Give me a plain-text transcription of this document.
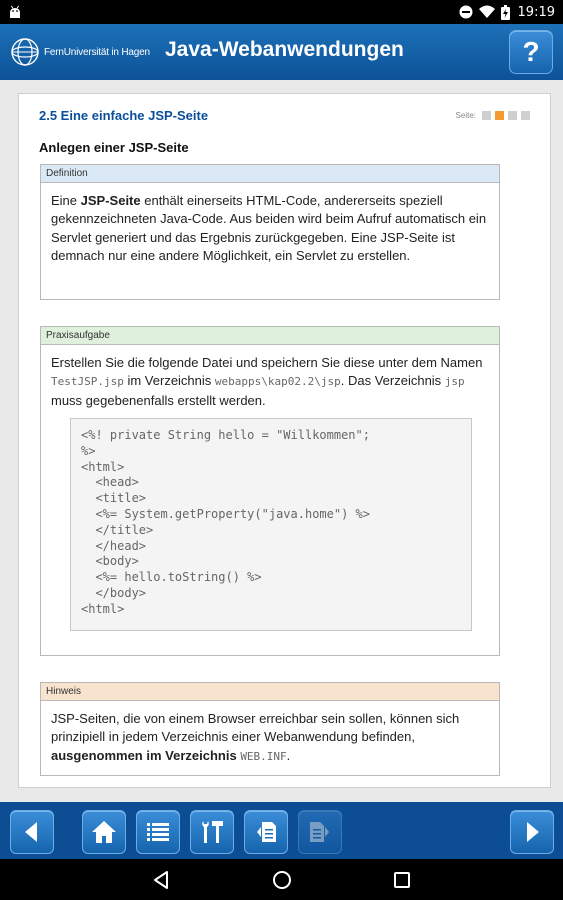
19:19
FernUniversität in Hagen Java-Webanwendungen	?
2.5 Eine einfache JSP-Seite	Seite:
Anlegen einer JSP-Seite
Definition
Eine JSP-Seite enthält einerseits HTML-Code, andererseits speziell gekennzeichneten Java-Code. Aus beiden wird beim Aufruf automatisch ein Servlet generiert und das Ergebnis zurückgegeben. Eine JSP-Seite ist demnach nur eine andere Möglichkeit, ein Servlet zu erstellen.
Praxisaufgabe
Erstellen Sie die folgende Datei und speichern Sie diese unter dem Namen TestJSP.jsp im Verzeichnis webapps\kap02.2\jsp. Das Verzeichnis jsp muss gegebenenfalls erstellt werden.
<%! private String hello = "Willkommen";
%>
<html>
<head>
<title>
<%= System.getProperty("java.home") %>
</title>
</head>
<body>
<%= hello.toString() %>
</body>
<html>
Hinweis
JSP-Seiten, die von einem Browser erreichbar sein sollen, können sich prinzipiell in jedem Verzeichnis einer Webanwendung befinden, ausgenommen im Verzeichnis WEB.INF.
